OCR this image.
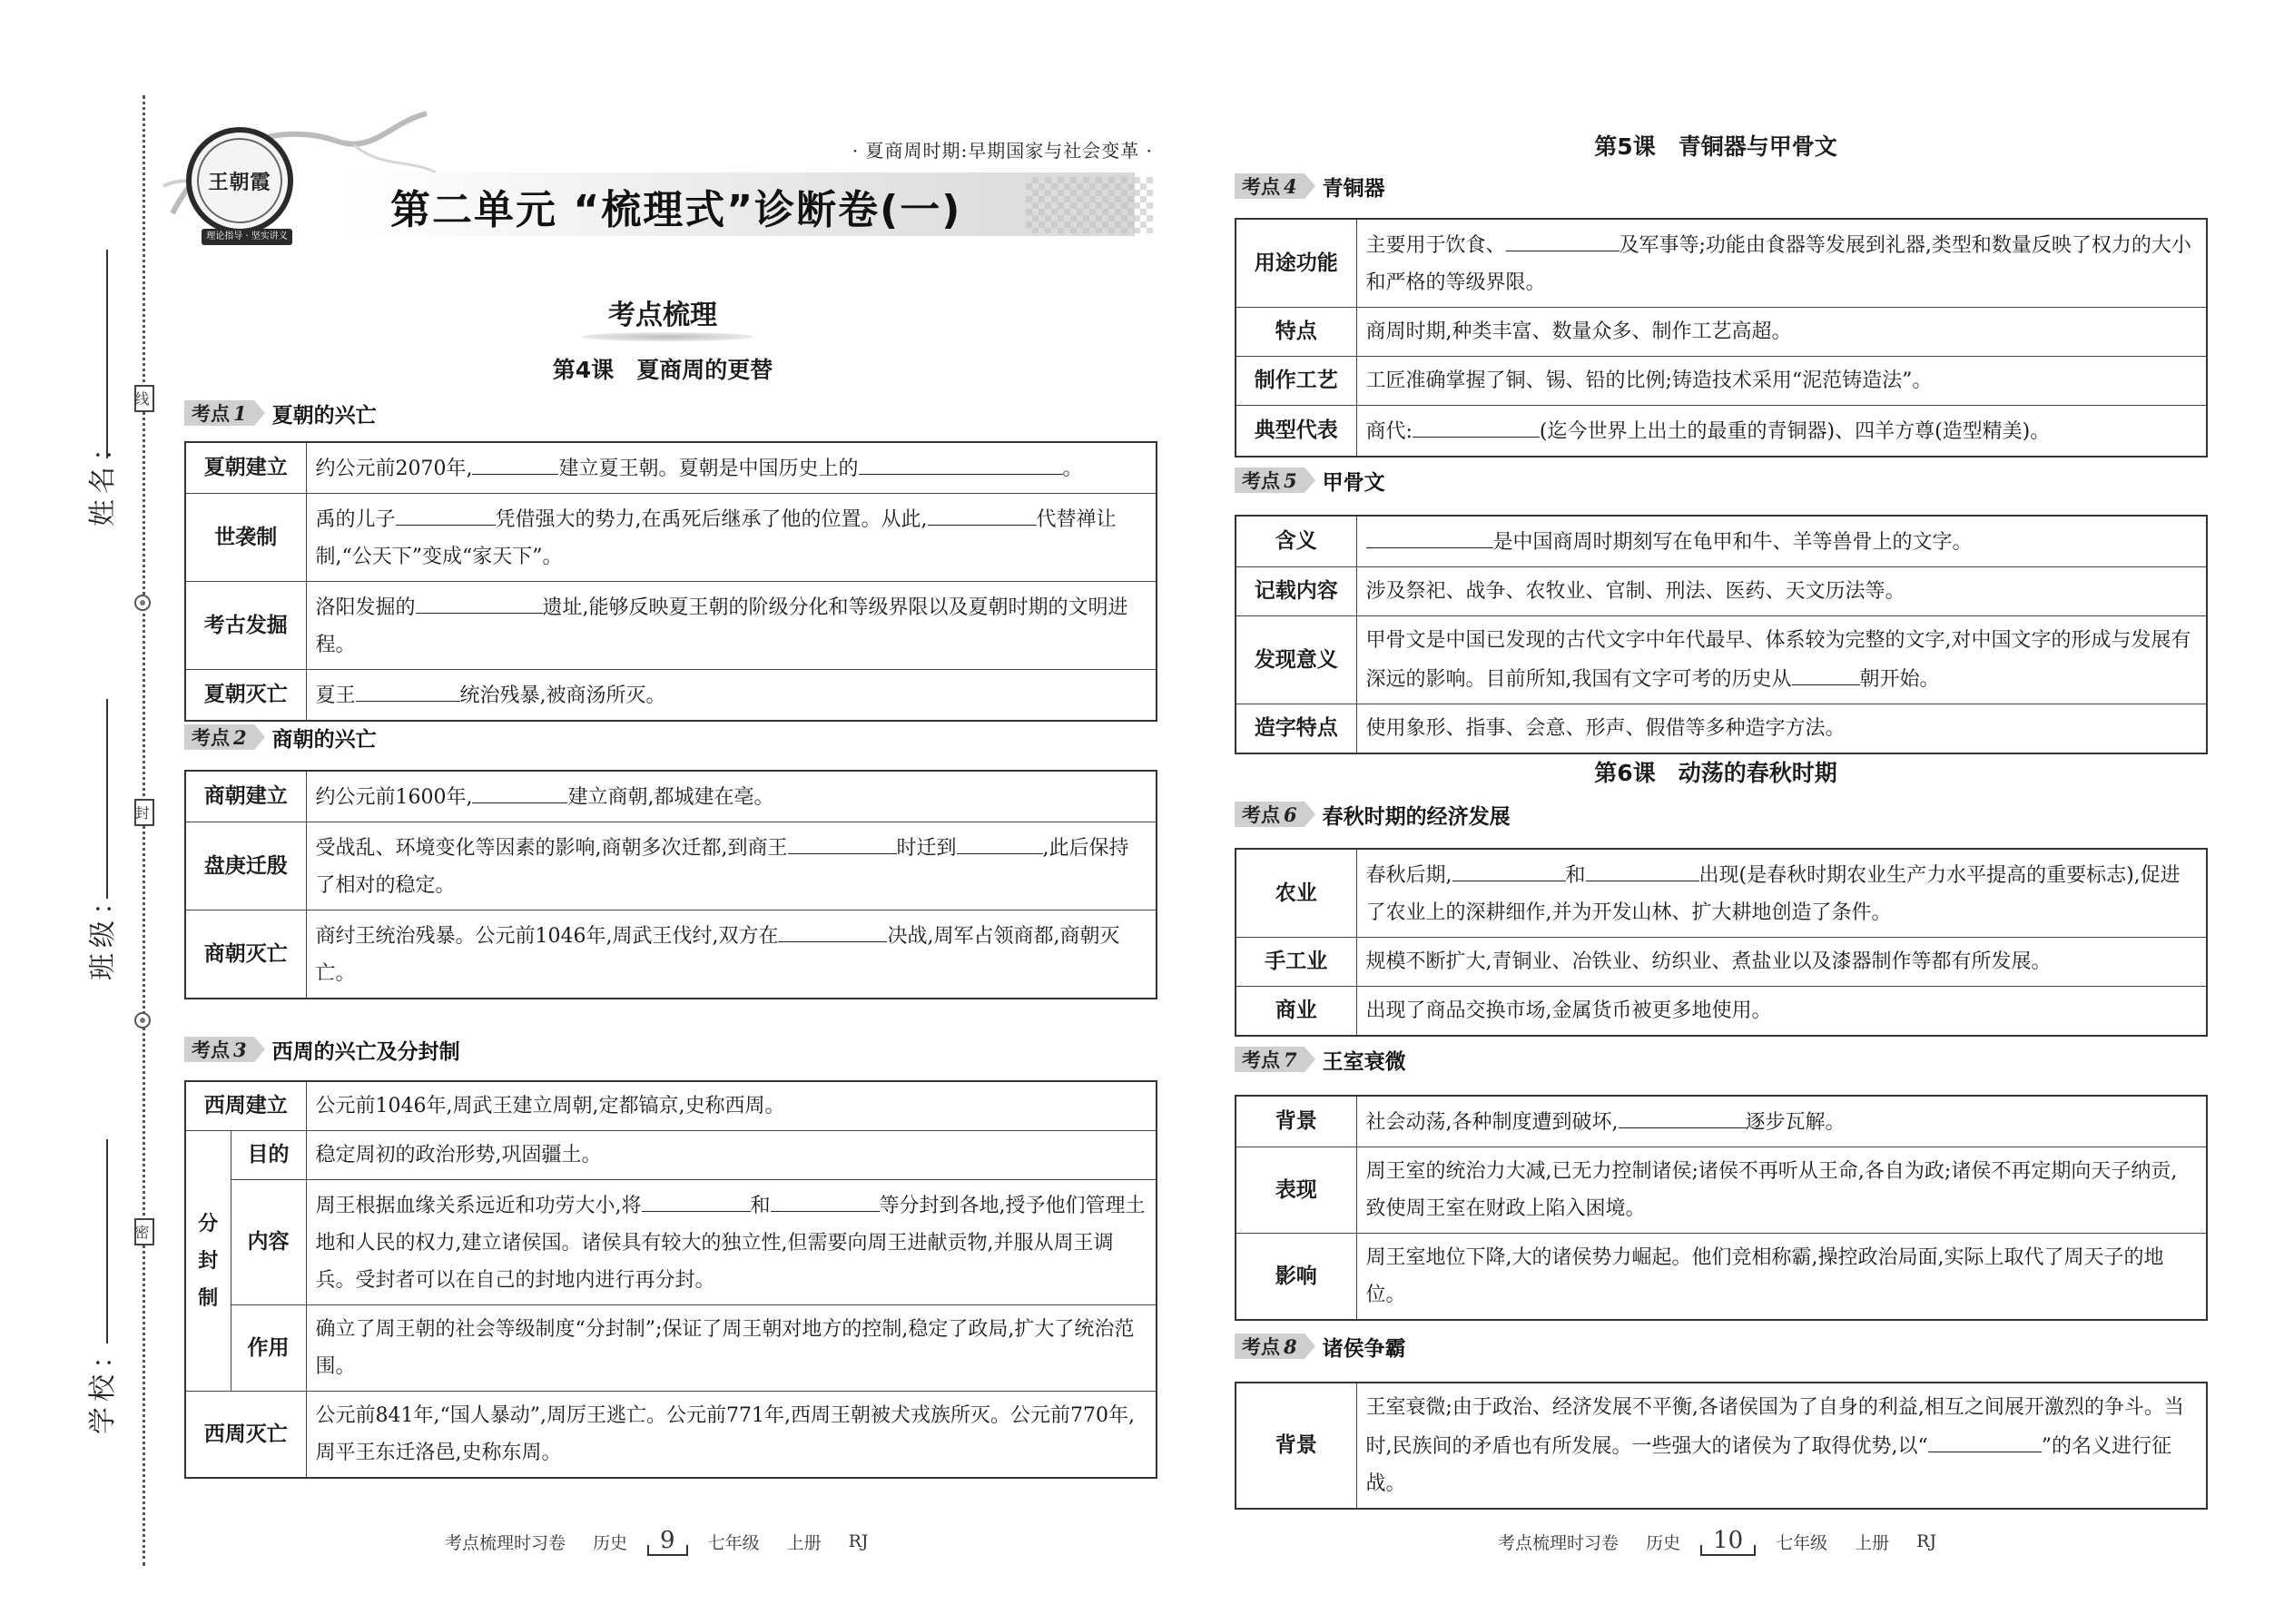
线
封
密
姓名：
班级：
学校：
王朝霞
理论指导 · 坚实讲义
· 夏商周时期:早期国家与社会变革 ·
第二单元 “梳理式”诊断卷(一)
考点梳理
第4课　夏商周的更替
考点 1 夏朝的兴亡
夏朝建立	约公元前2070年, 建立夏王朝。夏朝是中国历史上的 。
世袭制	禹的儿子 凭借强大的势力,在禹死后继承了他的位置。从此, 代替禅让制,“公天下”变成“家天下”。
考古发掘	洛阳发掘的 遗址,能够反映夏王朝的阶级分化和等级界限以及夏朝时期的文明进程。
夏朝灭亡	夏王 统治残暴,被商汤所灭。
考点 2 商朝的兴亡
商朝建立	约公元前1600年, 建立商朝,都城建在亳。
盘庚迁殷	受战乱、环境变化等因素的影响,商朝多次迁都,到商王 时迁到 ,此后保持了相对的稳定。
商朝灭亡	商纣王统治残暴。公元前1046年,周武王伐纣,双方在 决战,周军占领商都,商朝灭亡。
考点 3 西周的兴亡及分封制
西周建立		公元前1046年,周武王建立周朝,定都镐京,史称西周。
分封制	目的	稳定周初的政治形势,巩固疆土。
	内容	周王根据血缘关系远近和功劳大小,将 和 等分封到各地,授予他们管理土地和人民的权力,建立诸侯国。诸侯具有较大的独立性,但需要向周王进献贡物,并服从周王调兵。受封者可以在自己的封地内进行再分封。
	作用	确立了周王朝的社会等级制度“分封制”;保证了周王朝对地方的控制,稳定了政局,扩大了统治范围。
西周灭亡		公元前841年,“国人暴动”,周厉王逃亡。公元前771年,西周王朝被犬戎族所灭。公元前770年,周平王东迁洛邑,史称东周。
考点梳理时习卷 历史	9	七年级 上册 RJ
第5课　青铜器与甲骨文
考点 4 青铜器
用途功能	主要用于饮食、 及军事等;功能由食器等发展到礼器,类型和数量反映了权力的大小和严格的等级界限。
特点	商周时期,种类丰富、数量众多、制作工艺高超。
制作工艺	工匠准确掌握了铜、锡、铅的比例;铸造技术采用“泥范铸造法”。
典型代表	商代: (迄今世界上出土的最重的青铜器)、四羊方尊(造型精美)。
考点 5 甲骨文
含义	是中国商周时期刻写在龟甲和牛、羊等兽骨上的文字。
记载内容	涉及祭祀、战争、农牧业、官制、刑法、医药、天文历法等。
发现意义	甲骨文是中国已发现的古代文字中年代最早、体系较为完整的文字,对中国文字的形成与发展有深远的影响。目前所知,我国有文字可考的历史从 朝开始。
造字特点	使用象形、指事、会意、形声、假借等多种造字方法。
第6课　动荡的春秋时期
考点 6 春秋时期的经济发展
农业	春秋后期, 和 出现(是春秋时期农业生产力水平提高的重要标志),促进了农业上的深耕细作,并为开发山林、扩大耕地创造了条件。
手工业	规模不断扩大,青铜业、冶铁业、纺织业、煮盐业以及漆器制作等都有所发展。
商业	出现了商品交换市场,金属货币被更多地使用。
考点 7 王室衰微
背景	社会动荡,各种制度遭到破坏, 逐步瓦解。
表现	周王室的统治力大减,已无力控制诸侯;诸侯不再听从王命,各自为政;诸侯不再定期向天子纳贡,致使周王室在财政上陷入困境。
影响	周王室地位下降,大的诸侯势力崛起。他们竞相称霸,操控政治局面,实际上取代了周天子的地位。
考点 8 诸侯争霸
背景	王室衰微;由于政治、经济发展不平衡,各诸侯国为了自身的利益,相互之间展开激烈的争斗。当时,民族间的矛盾也有所发展。一些强大的诸侯为了取得优势,以“	”的名义进行征战。
考点梳理时习卷 历史	10	七年级 上册 RJ
